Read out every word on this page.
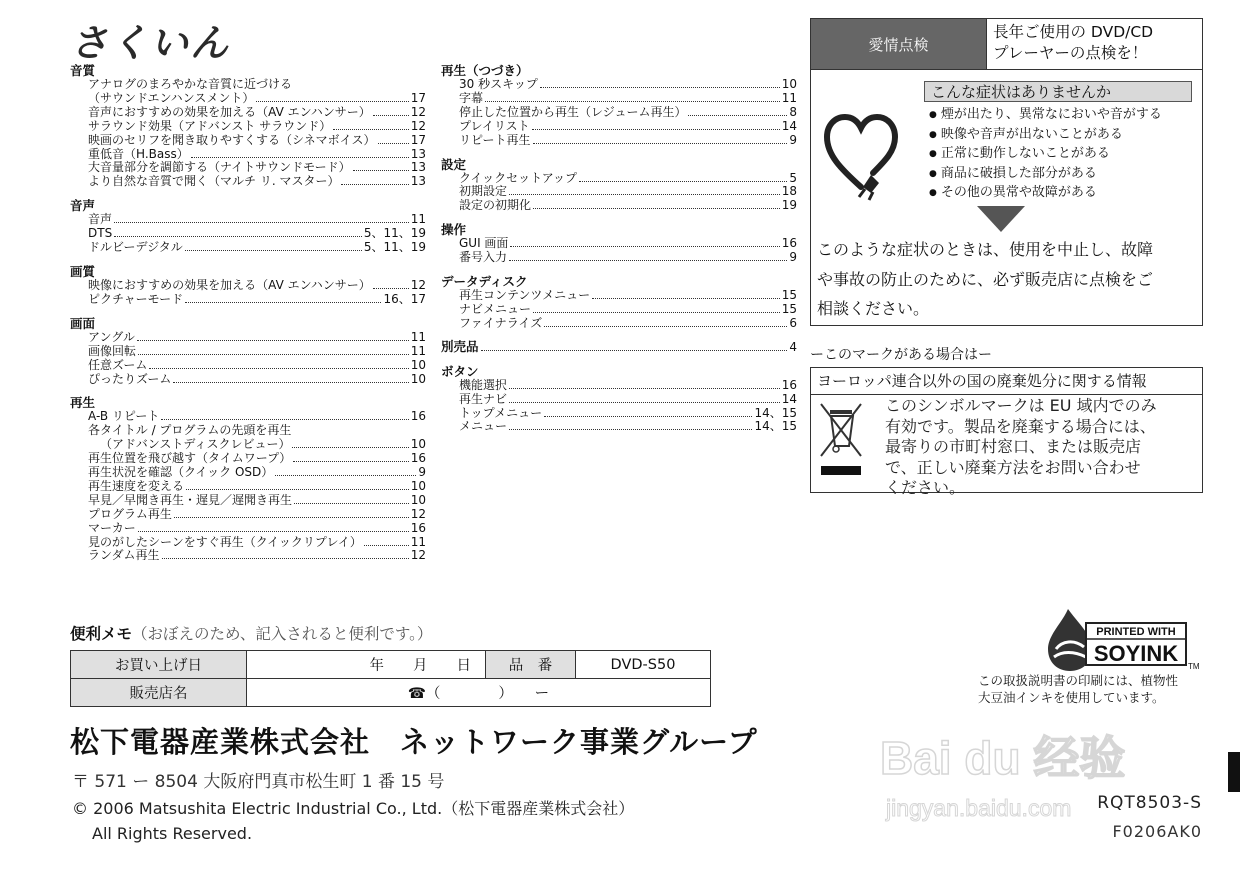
さくいん
音質
アナログのまろやかな音質に近づける
（サウンドエンハンスメント）	17
音声におすすめの効果を加える（AV エンハンサー）	12
サラウンド効果（アドバンスト サラウンド）	12
映画のセリフを聞き取りやすくする（シネマボイス）	17
重低音（H.Bass）	13
大音量部分を調節する（ナイトサウンドモード）	13
より自然な音質で聞く（マルチ リ. マスター）	13
音声
音声	11
DTS	5、11、19
ドルビーデジタル	5、11、19
画質
映像におすすめの効果を加える（AV エンハンサー）	12
ピクチャーモード	16、17
画面
アングル	11
画像回転	11
任意ズーム	10
ぴったりズーム	10
再生
A-B リピート	16
各タイトル / プログラムの先頭を再生
（アドバンストディスクレビュー）	10
再生位置を飛び越す（タイムワープ）	16
再生状況を確認（クイック OSD）	9
再生速度を変える	10
早見／早聞き再生・遅見／遅聞き再生	10
プログラム再生	12
マーカー	16
見のがしたシーンをすぐ再生（クイックリプレイ）	11
ランダム再生	12
再生（つづき）
30 秒スキップ	10
字幕	11
停止した位置から再生（レジューム再生）	8
プレイリスト	14
リピート再生	9
設定
クイックセットアップ	5
初期設定	18
設定の初期化	19
操作
GUI 画面	16
番号入力	9
データディスク
再生コンテンツメニュー	15
ナビメニュー	15
ファイナライズ	6
別売品	4
ボタン
機能選択	16
再生ナビ	14
トップメニュー	14、15
メニュー	14、15
愛情点検
長年ご使用の DVD/CD
プレーヤーの点検を！
こんな症状はありませんか
● 煙が出たり、異常なにおいや音がする
● 映像や音声が出ないことがある
● 正常に動作しないことがある
● 商品に破損した部分がある
● その他の異常や故障がある
このような症状のときは、使用を中止し、故障
や事故の防止のために、必ず販売店に点検をご
相談ください。
ーこのマークがある場合はー
ヨーロッパ連合以外の国の廃棄処分に関する情報
このシンボルマークは EU 域内でのみ
有効です。製品を廃棄する場合には、
最寄りの市町村窓口、または販売店
で、正しい廃棄方法をお問い合わせ
ください。
便利メモ（おぼえのため、記入されると便利です。）
お買い上げ日	年　　月　　日	品　番	DVD-S50
販売店名	☎（　　　　）　　ー		
松下電器産業株式会社　ネットワーク事業グループ
〒 571 ー 8504 大阪府門真市松生町 1 番 15 号
© 2006 Matsushita Electric Industrial Co., Ltd.（松下電器産業株式会社）
All Rights Reserved.
PRINTED WITH
SOYINK
TM
この取扱説明書の印刷には、植物性
大豆油インキを使用しています。
Bai du 经验
jingyan.baidu.com RQT8503-S
F0206AK0
